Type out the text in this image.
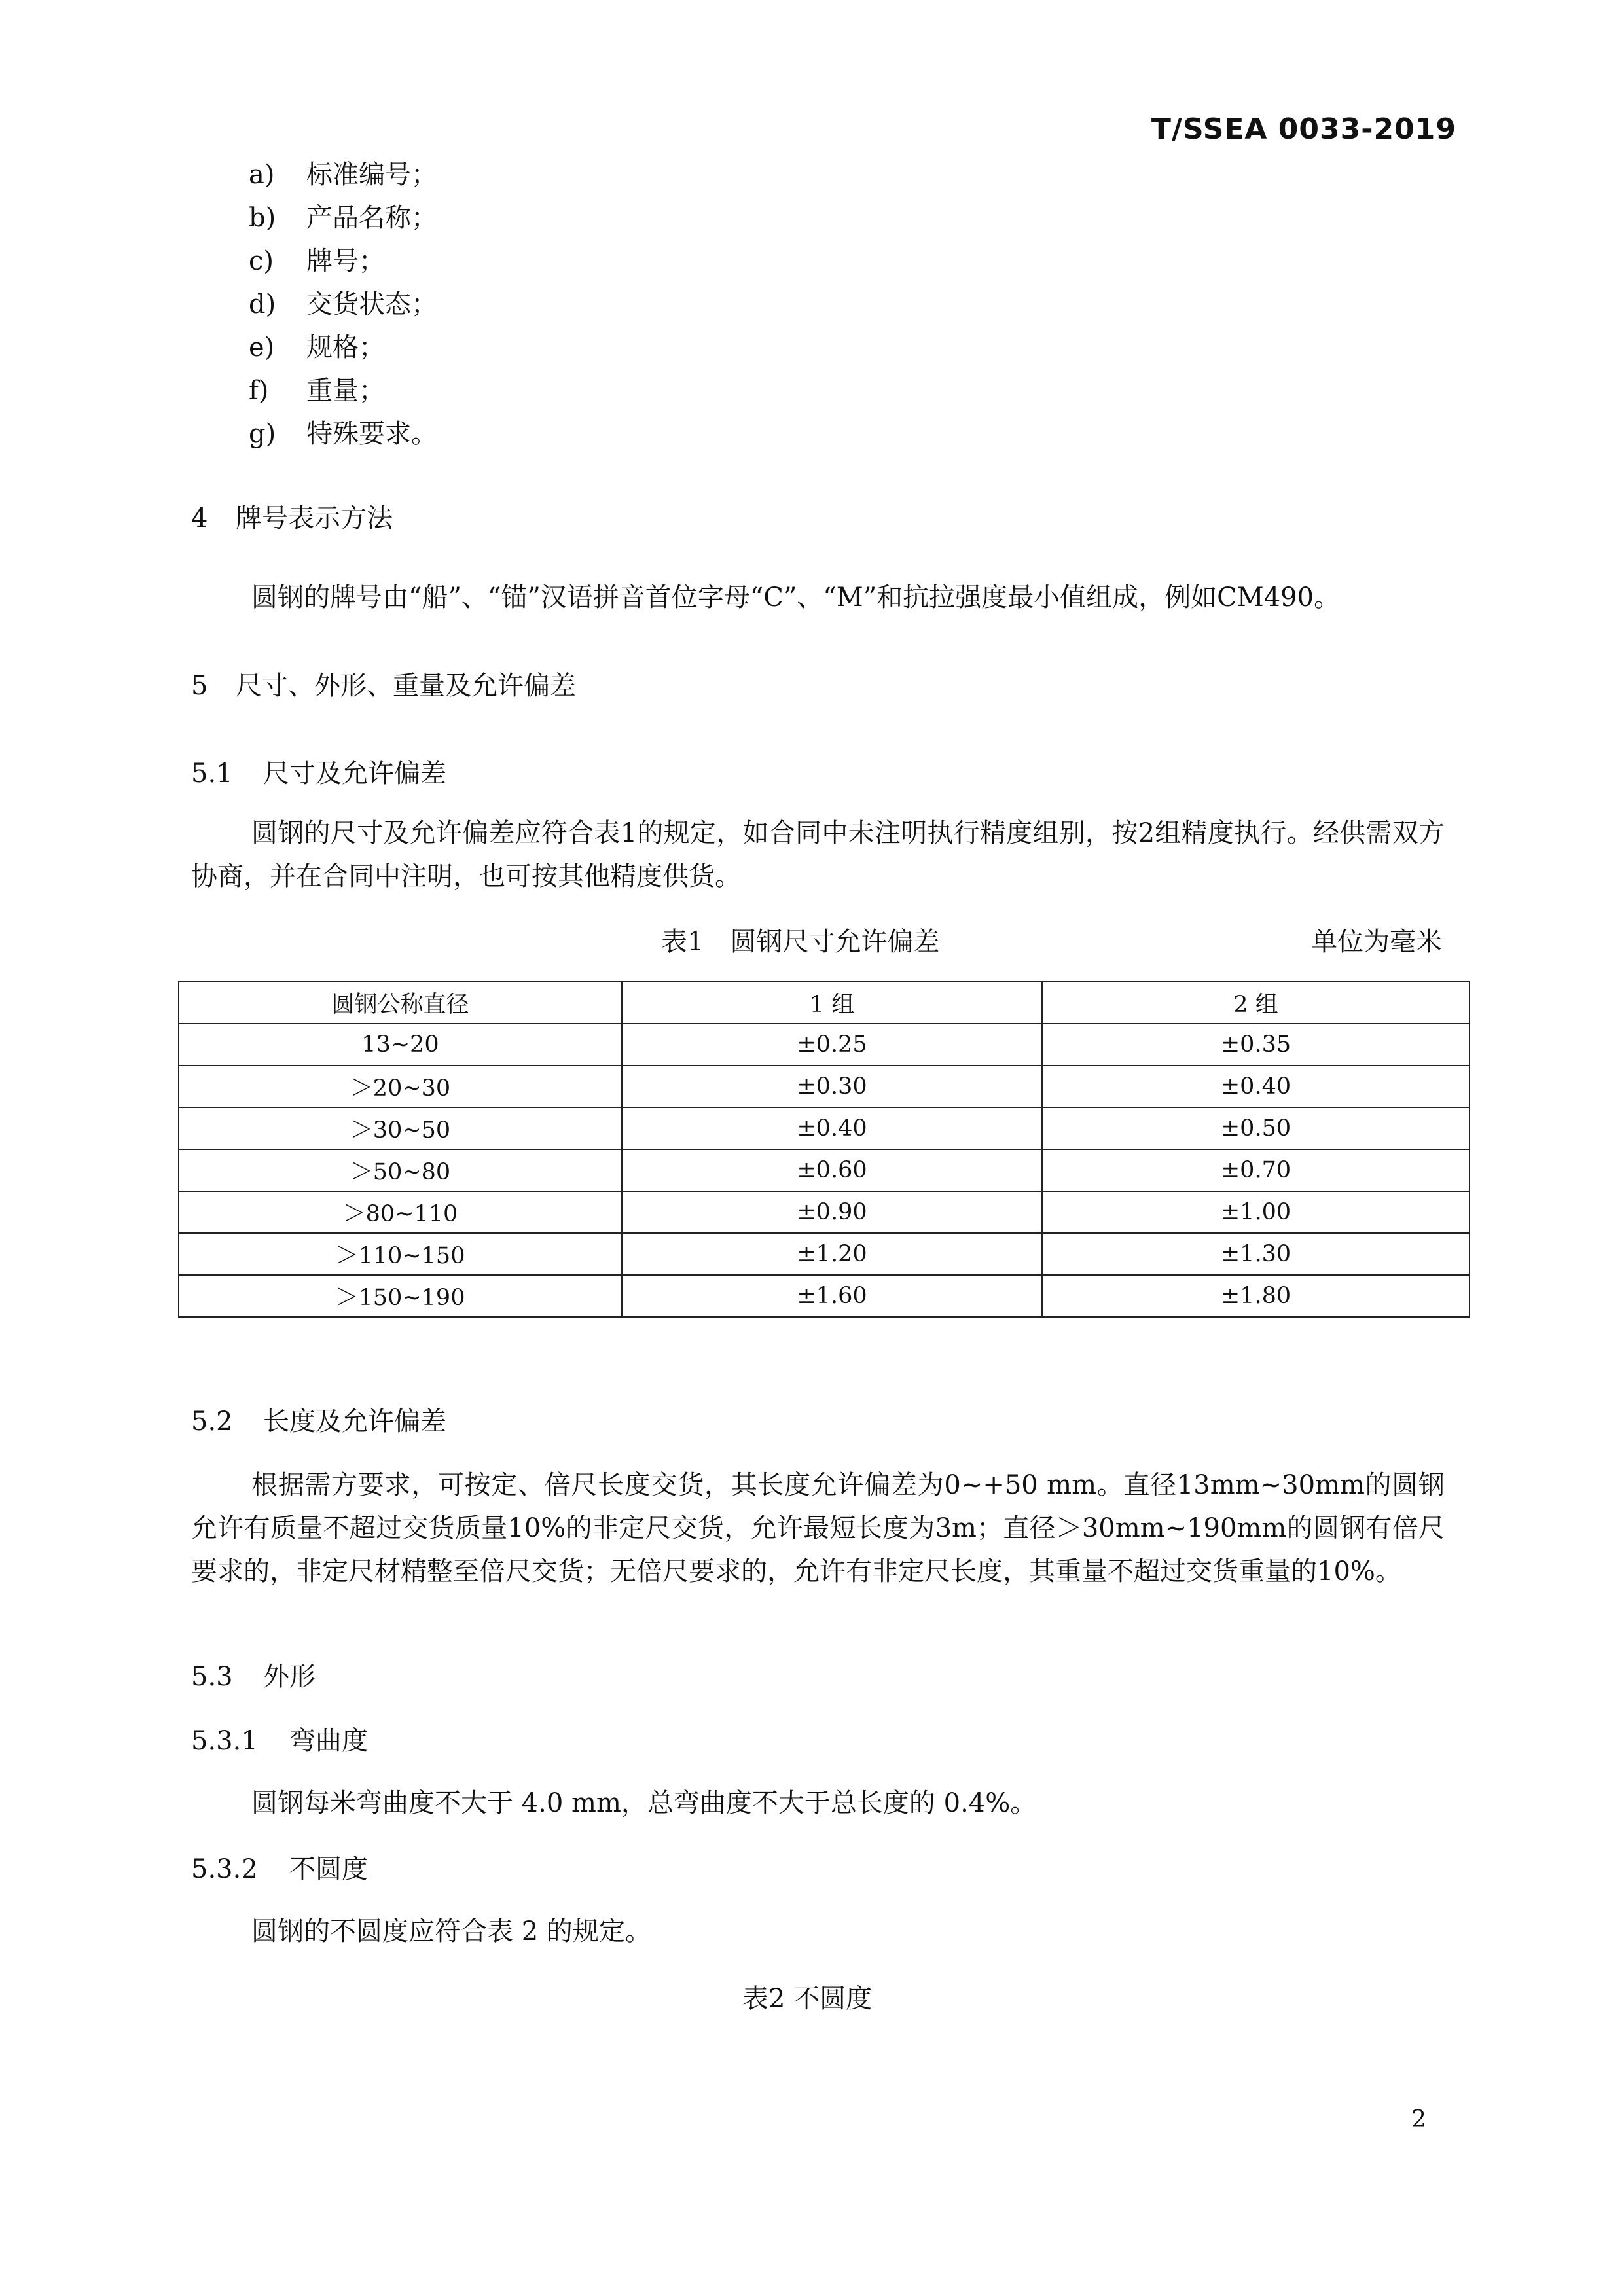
T/SSEA 0033-2019
a)	标准编号；
b)	产品名称；
c)	牌号；
d)	交货状态；
e)	规格；
f)	重量；
g)	特殊要求。
4 牌号表示方法
圆钢的牌号由“船”、“锚”汉语拼音首位字母“C”、“M”和抗拉强度最小值组成，例如CM490。
5 尺寸、外形、重量及允许偏差
5.1 尺寸及允许偏差
圆钢的尺寸及允许偏差应符合表1的规定，如合同中未注明执行精度组别，按2组精度执行。经供需双方协商，并在合同中注明，也可按其他精度供货。
表1　圆钢尺寸允许偏差	单位为毫米
圆钢公称直径	1 组	2 组
13~20	±0.25	±0.35
＞20~30	±0.30	±0.40
＞30~50	±0.40	±0.50
＞50~80	±0.60	±0.70
＞80~110	±0.90	±1.00
＞110~150	±1.20	±1.30
＞150~190	±1.60	±1.80
5.2 长度及允许偏差
根据需方要求，可按定、倍尺长度交货，其长度允许偏差为0~+50 mm。直径13mm~30mm的圆钢允许有质量不超过交货质量10%的非定尺交货，允许最短长度为3m；直径＞30mm~190mm的圆钢有倍尺要求的，非定尺材精整至倍尺交货；无倍尺要求的，允许有非定尺长度，其重量不超过交货重量的10%。
5.3 外形
5.3.1 弯曲度
圆钢每米弯曲度不大于 4.0 mm，总弯曲度不大于总长度的 0.4%。
5.3.2 不圆度
圆钢的不圆度应符合表 2 的规定。
表2 不圆度
2
